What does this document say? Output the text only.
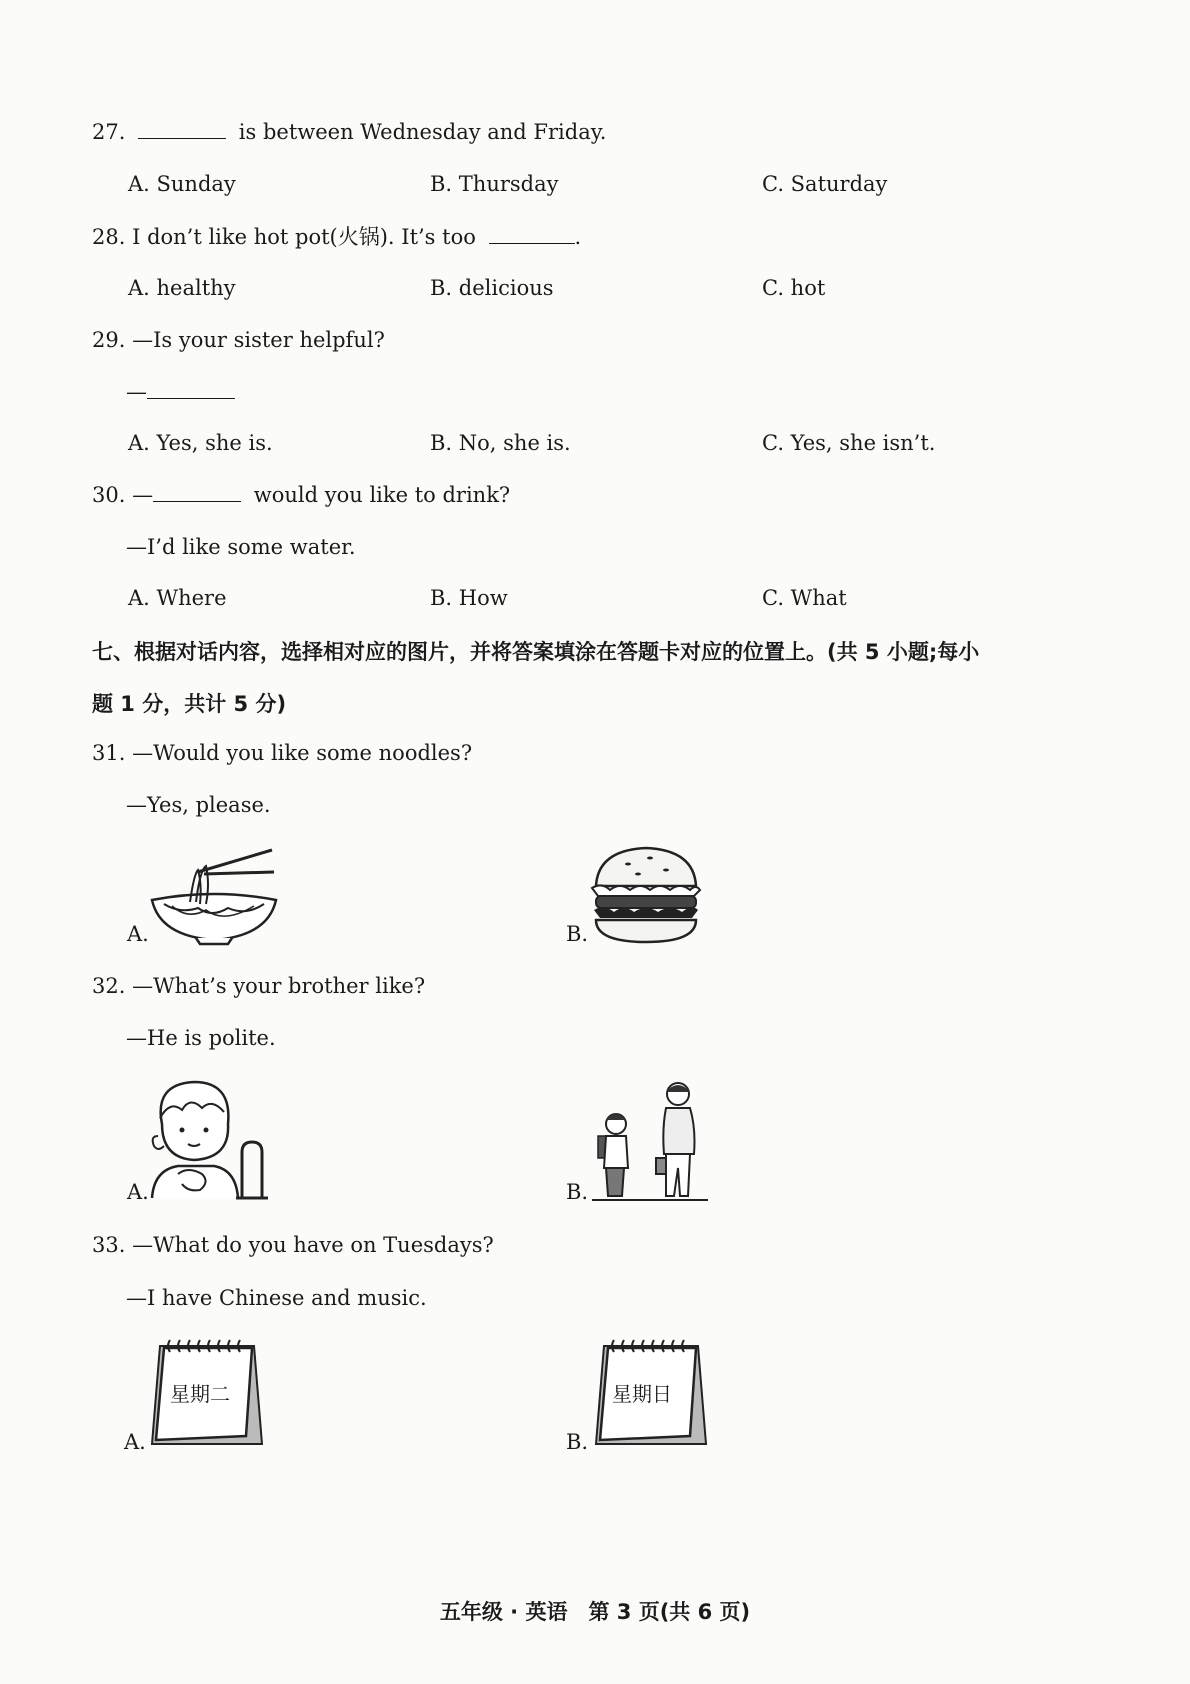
27.	is between Wednesday and Friday.
A. Sunday	B. Thursday	C. Saturday
28. I don’t like hot pot(火锅). It’s too	.
A. healthy	B. delicious	C. hot
29. —Is your sister helpful?
—
A. Yes, she is.	B. No, she is.	C. Yes, she isn’t.
30. —	would you like to drink?
—I’d like some water.
A. Where	B. How	C. What
七、根据对话内容，选择相对应的图片，并将答案填涂在答题卡对应的位置上。(共 5 小题;每小
题 1 分，共计 5 分)
31. —Would you like some noodles?
—Yes, please.
A.	B.
32. —What’s your brother like?
—He is polite.
A.	B.
33. —What do you have on Tuesdays?
—I have Chinese and music.
A.
星期二
B.
星期日
五年级 · 英语　第 3 页(共 6 页)
